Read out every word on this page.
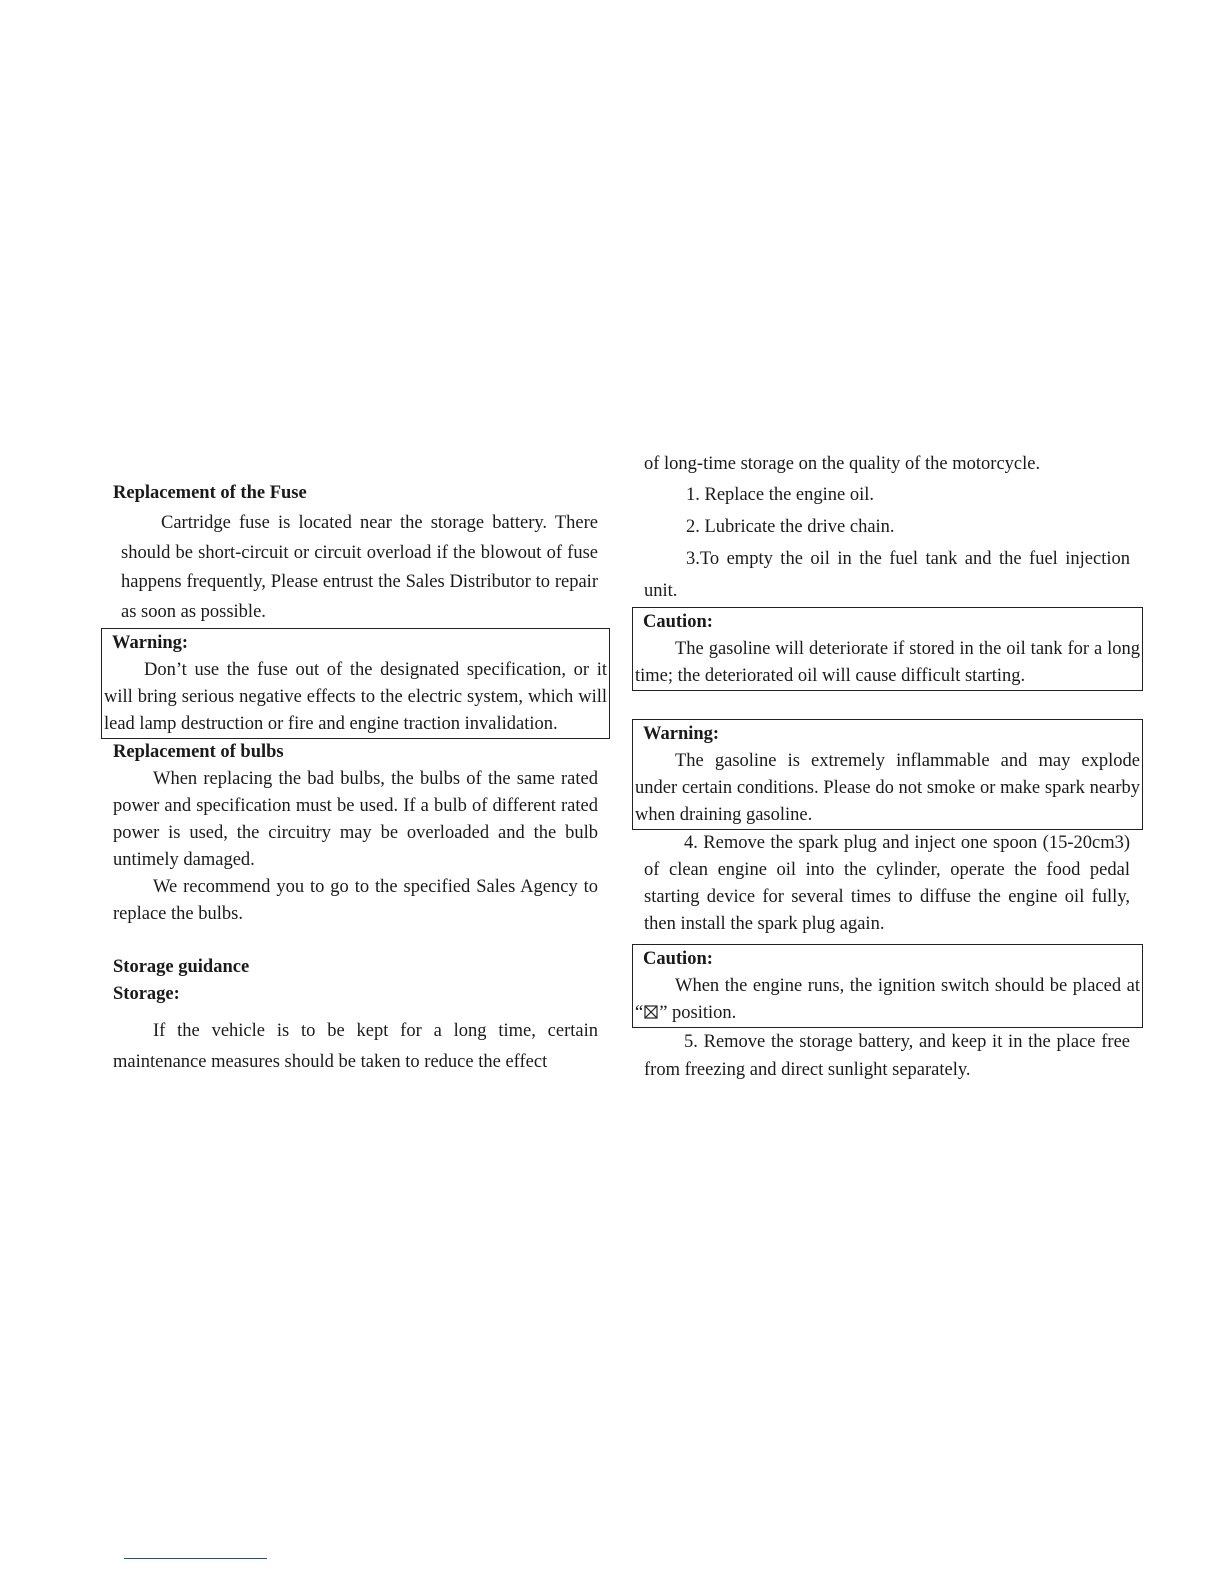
Replacement of the Fuse

Cartridge fuse is located near the storage battery. There should be short-circuit or circuit overload if the blowout of fuse happens frequently, Please entrust the Sales Distributor to repair as soon as possible.

Warning:

Don’t use the fuse out of the designated specification, or it will bring serious negative effects to the electric system, which will lead lamp destruction or fire and engine traction invalidation.

Replacement of bulbs

When replacing the bad bulbs, the bulbs of the same rated power and specification must be used. If a bulb of different rated power is used, the circuitry may be overloaded and the bulb untimely damaged.

We recommend you to go to the specified Sales Agency to replace the bulbs.

Storage guidance

Storage:

If the vehicle is to be kept for a long time, certain maintenance measures should be taken to reduce the effect

of long-time storage on the quality of the motorcycle.

1. Replace the engine oil.

2. Lubricate the drive chain.

3.To empty the oil in the fuel tank and the fuel injection unit.

Caution:

The gasoline will deteriorate if stored in the oil tank for a long time; the deteriorated oil will cause difficult starting.

Warning:

The gasoline is extremely inflammable and may explode under certain conditions. Please do not smoke or make spark nearby when draining gasoline.

4. Remove the spark plug and inject one spoon (15-20cm3) of clean engine oil into the cylinder, operate the food pedal starting device for several times to diffuse the engine oil fully, then install the spark plug again.

Caution:

When the engine runs, the ignition switch should be placed at “ ” position.

5. Remove the storage battery, and keep it in the place free from freezing and direct sunlight separately.
